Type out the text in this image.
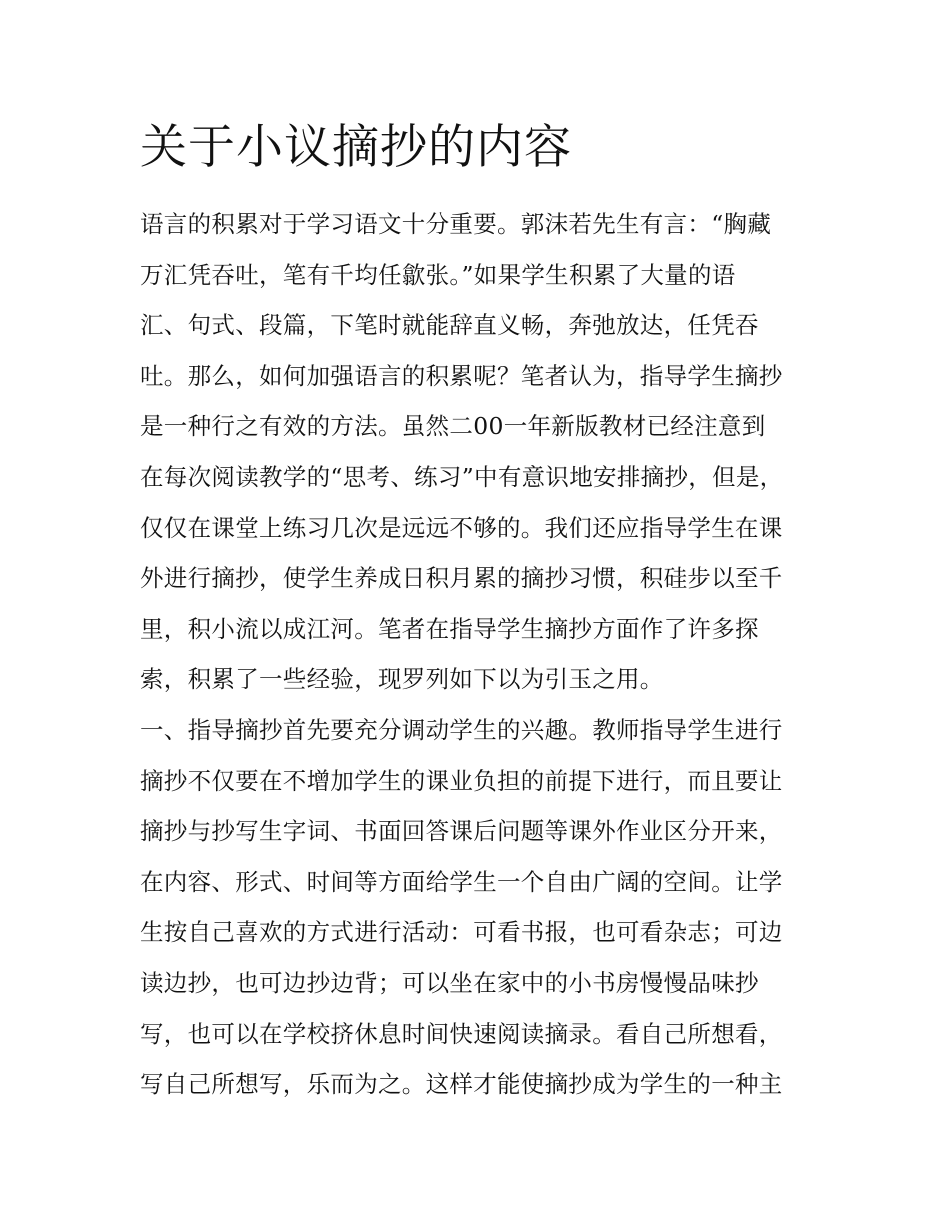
关于小议摘抄的内容
语言的积累对于学习语文十分重要。郭沫若先生有言：“胸藏
万汇凭吞吐，笔有千均任歙张。”如果学生积累了大量的语
汇、句式、段篇，下笔时就能辞直义畅，奔弛放达，任凭吞
吐。那么，如何加强语言的积累呢？笔者认为，指导学生摘抄
是一种行之有效的方法。虽然二00一年新版教材已经注意到
在每次阅读教学的“思考、练习”中有意识地安排摘抄，但是，
仅仅在课堂上练习几次是远远不够的。我们还应指导学生在课
外进行摘抄，使学生养成日积月累的摘抄习惯，积硅步以至千
里，积小流以成江河。笔者在指导学生摘抄方面作了许多探
索，积累了一些经验，现罗列如下以为引玉之用。
一、指导摘抄首先要充分调动学生的兴趣。教师指导学生进行
摘抄不仅要在不增加学生的课业负担的前提下进行，而且要让
摘抄与抄写生字词、书面回答课后问题等课外作业区分开来，
在内容、形式、时间等方面给学生一个自由广阔的空间。让学
生按自己喜欢的方式进行活动：可看书报，也可看杂志；可边
读边抄，也可边抄边背；可以坐在家中的小书房慢慢品味抄
写，也可以在学校挤休息时间快速阅读摘录。看自己所想看，
写自己所想写，乐而为之。这样才能使摘抄成为学生的一种主
